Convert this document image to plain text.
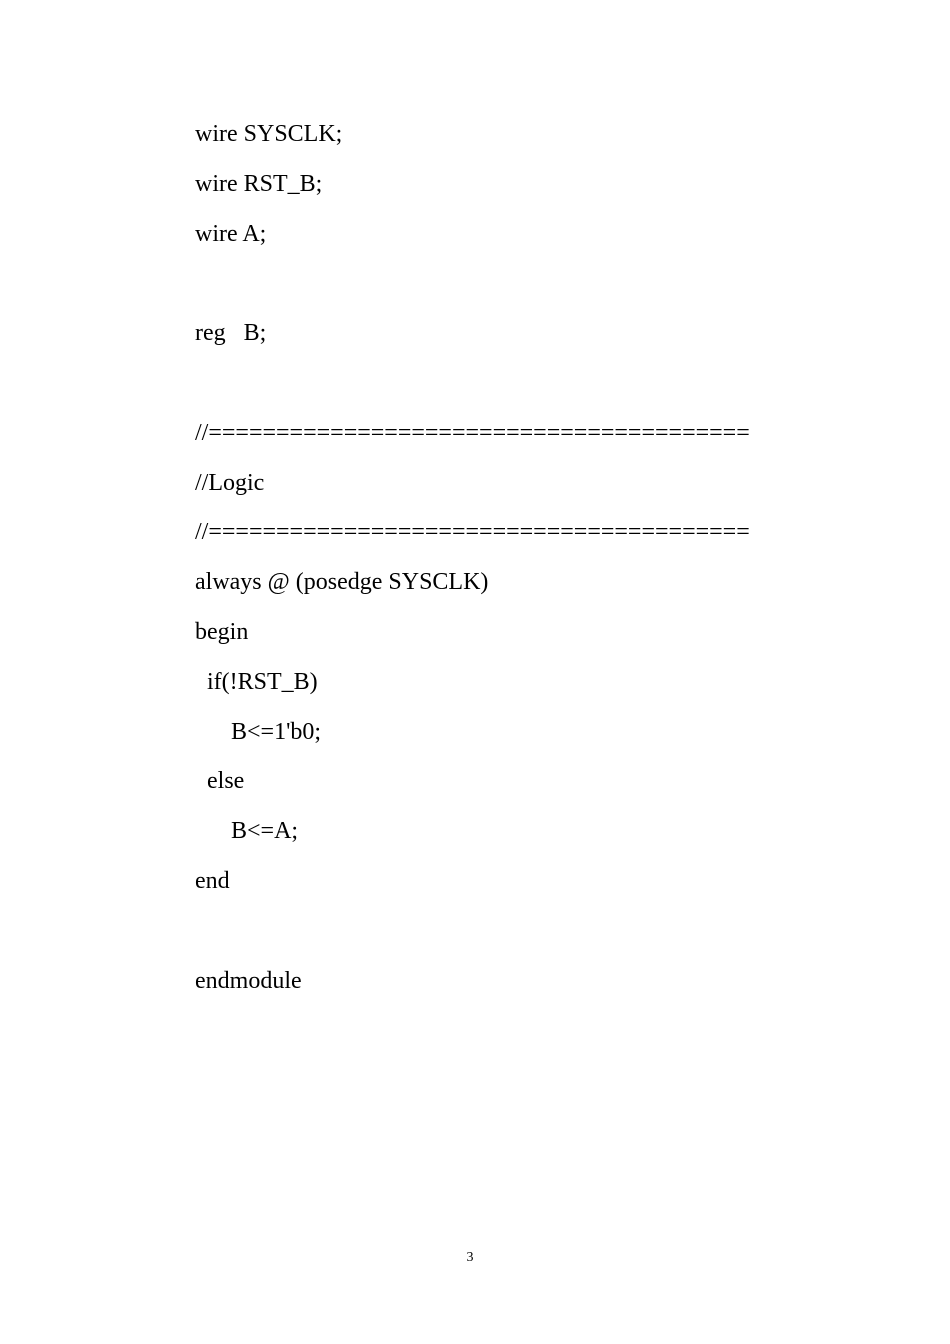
wire SYSCLK;
wire RST_B;
wire A;
reg   B;
//========================================
//Logic
//========================================
always @ (posedge SYSCLK)
begin
if(!RST_B)
B<=1'b0;
else
B<=A;
end
endmodule
3
